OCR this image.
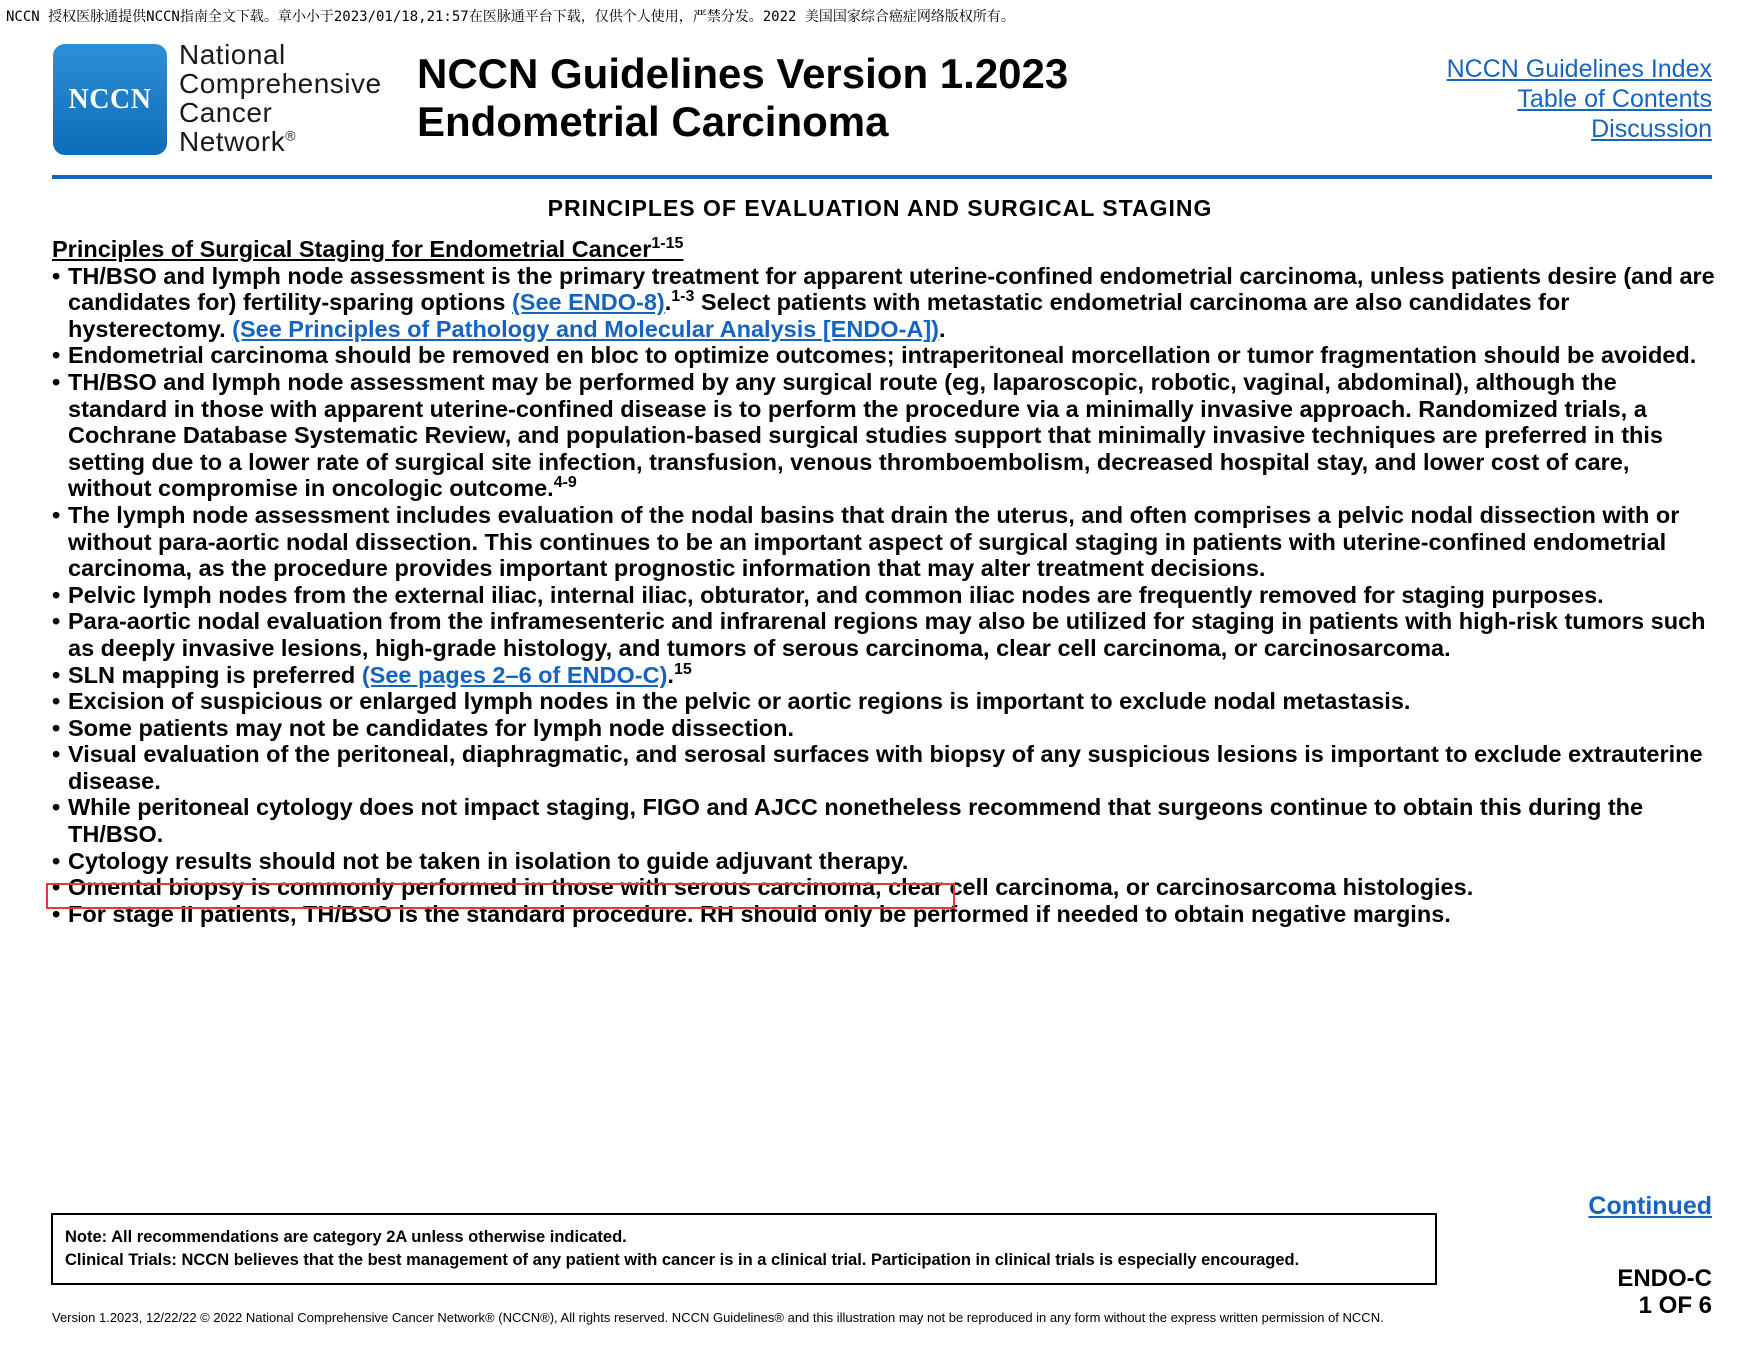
NCCN 授权医脉通提供NCCN指南全文下载。章小小于2023/01/18,21:57在医脉通平台下载，仅供个人使用，严禁分发。2022 美国国家综合癌症网络版权所有。
NCCN
National
Comprehensive
Cancer
Network®
NCCN Guidelines Version 1.2023
Endometrial Carcinoma
NCCN Guidelines Index
Table of Contents
Discussion
PRINCIPLES OF EVALUATION AND SURGICAL STAGING
Principles of Surgical Staging for Endometrial Cancer$^{1-15}$
• TH/BSO and lymph node assessment is the primary treatment for apparent uterine-confined endometrial carcinoma, unless patients desire (and are candidates for) fertility-sparing options (See ENDO-8).$^{1-3}$ Select patients with metastatic endometrial carcinoma are also candidates for hysterectomy. (See Principles of Pathology and Molecular Analysis [ENDO-A]).
• Endometrial carcinoma should be removed en bloc to optimize outcomes; intraperitoneal morcellation or tumor fragmentation should be avoided.
• TH/BSO and lymph node assessment may be performed by any surgical route (eg, laparoscopic, robotic, vaginal, abdominal), although the standard in those with apparent uterine-confined disease is to perform the procedure via a minimally invasive approach. Randomized trials, a Cochrane Database Systematic Review, and population-based surgical studies support that minimally invasive techniques are preferred in this setting due to a lower rate of surgical site infection, transfusion, venous thromboembolism, decreased hospital stay, and lower cost of care, without compromise in oncologic outcome.$^{4-9}$
• The lymph node assessment includes evaluation of the nodal basins that drain the uterus, and often comprises a pelvic nodal dissection with or without para-aortic nodal dissection. This continues to be an important aspect of surgical staging in patients with uterine-confined endometrial carcinoma, as the procedure provides important prognostic information that may alter treatment decisions.
• Pelvic lymph nodes from the external iliac, internal iliac, obturator, and common iliac nodes are frequently removed for staging purposes.
• Para-aortic nodal evaluation from the inframesenteric and infrarenal regions may also be utilized for staging in patients with high-risk tumors such as deeply invasive lesions, high-grade histology, and tumors of serous carcinoma, clear cell carcinoma, or carcinosarcoma.
• SLN mapping is preferred (See pages 2–6 of ENDO-C).$^{15}$
• Excision of suspicious or enlarged lymph nodes in the pelvic or aortic regions is important to exclude nodal metastasis.
• Some patients may not be candidates for lymph node dissection.
• Visual evaluation of the peritoneal, diaphragmatic, and serosal surfaces with biopsy of any suspicious lesions is important to exclude extrauterine disease.
• While peritoneal cytology does not impact staging, FIGO and AJCC nonetheless recommend that surgeons continue to obtain this during the TH/BSO.
• Cytology results should not be taken in isolation to guide adjuvant therapy.
• Omental biopsy is commonly performed in those with serous carcinoma, clear cell carcinoma, or carcinosarcoma histologies.
• For stage II patients, TH/BSO is the standard procedure. RH should only be performed if needed to obtain negative margins.
Continued
Note: All recommendations are category 2A unless otherwise indicated.
Clinical Trials: NCCN believes that the best management of any patient with cancer is in a clinical trial. Participation in clinical trials is especially encouraged.
ENDO-C
1 OF 6
Version 1.2023, 12/22/22 © 2022 National Comprehensive Cancer Network® (NCCN®), All rights reserved. NCCN Guidelines® and this illustration may not be reproduced in any form without the express written permission of NCCN.
